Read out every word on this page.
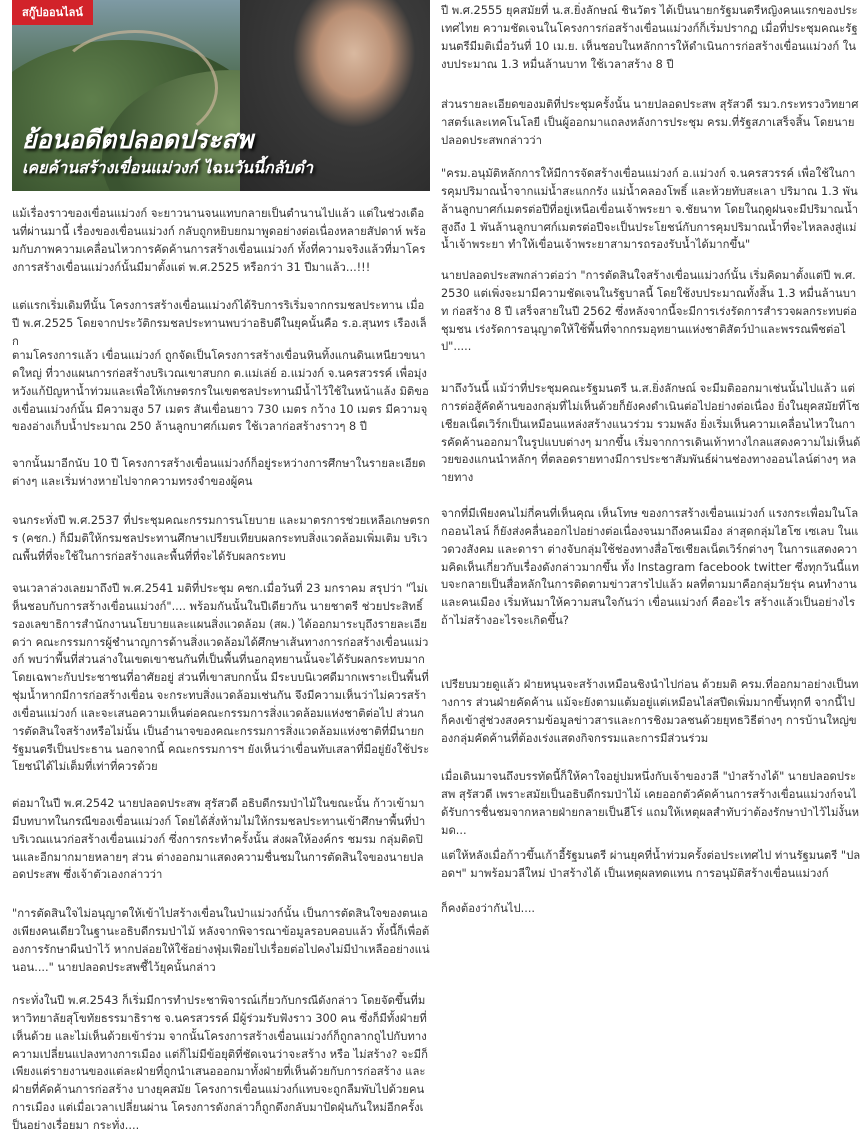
สกู๊ปออนไลน์
ย้อนอดีตปลอดประสพ
เคยค้านสร้างเขื่อนแม่วงก์ ไฉนวันนี้กลับดำ

แม้เรื่องราวของเขื่อนแม่วงก์ จะยาวนานจนแทบกลายเป็นตำนานไปแล้ว แต่ในช่วงเดือนที่ผ่านมานี้ เรื่องของเขื่อนแม่วงก์ กลับถูกหยิบยกมาพูดอย่างต่อเนื่องหลายสัปดาห์ พร้อมกับภาพความเคลื่อนไหวการคัดค้านการสร้างเขื่อนแม่วงก์ ทั้งที่ความจริงแล้วที่มาโครงการสร้างเขื่อนแม่วงก์นั้นมีมาตั้งแต่ พ.ศ.2525 หรือกว่า 31 ปีมาแล้ว...!!!

แต่แรกเริ่มเดิมทีนั้น โครงการสร้างเขื่อนแม่วงก์ได้ริบการริเริ่มจากกรมชลประทาน เมื่อปี พ.ศ.2525 โดยจากประวัติกรมชลประทานพบว่าอธิบดีในยุคนั้นคือ ร.อ.สุนทร เรืองเล็ก

ตามโครงการแล้ว เขื่อนแม่วงก์ ถูกจัดเป็นโครงการสร้างเขื่อนหินทิ้งแกนดินเหนียวขนาดใหญ่ ที่วางแผนการก่อสร้างบริเวณเขาสบกก ต.แม่เล่ย์ อ.แม่วงก์ จ.นครสวรรค์ เพื่อมุ่งหวังแก้ปัญหาน้ำท่วมและเพื่อให้เกษตรกรในเขตชลประทานมีน้ำไว้ใช้ในหน้าแล้ง มิติของเขื่อนแม่วงก์นั้น มีความสูง 57 เมตร สันเขื่อนยาว 730 เมตร กว้าง 10 เมตร มีความจุของอ่างเก็บน้ำประมาณ 250 ล้านลูกบาศก์เมตร ใช้เวลาก่อสร้างราวๆ 8 ปี

จากนั้นมาอีกนับ 10 ปี โครงการสร้างเขื่อนแม่วงก์ก็อยู่ระหว่างการศึกษาในรายละเอียดต่างๆ และเริ่มห่างหายไปจากความทรงจำของผู้คน

จนกระทั่งปี พ.ศ.2537 ที่ประชุมคณะกรรมการนโยบาย และมาตรการช่วยเหลือเกษตรกร (คชก.) ก็มีมติให้กรมชลประทานศึกษาเปรียบเทียบผลกระทบสิ่งแวดล้อมเพิ่มเติม บริเวณพื้นที่ที่จะใช้ในการก่อสร้างและพื้นที่ที่จะได้รับผลกระทบ

จนเวลาล่วงเลยมาถึงปี พ.ศ.2541 มติที่ประชุม คชก.เมื่อวันที่ 23 มกราคม สรุปว่า "ไม่เห็นชอบกับการสร้างเขื่อนแม่วงก์".... พร้อมกันนั้นในปีเดียวกัน นายชาตรี ช่วยประสิทธิ์ รองเลขาธิการสำนักงานนโยบายและแผนสิ่งแวดล้อม (สผ.) ได้ออกมาระบุถึงรายละเอียดว่า คณะกรรมการผู้ชำนาญการด้านสิ่งแวดล้อมได้ศึกษาเส้นทางการก่อสร้างเขื่อนแม่วงก์ พบว่าพื้นที่ส่วนล่างในเขตเขาชนกันที่เป็นพื้นที่นอกอุทยานนั้นจะได้รับผลกระทบมากโดยเฉพาะกับประชาชนที่อาศัยอยู่ ส่วนที่เขาสบกกนั้น มีระบบนิเวศดีมากเพราะเป็นพื้นที่ชุ่มน้ำหากมีการก่อสร้างเขื่อน จะกระทบสิ่งแวดล้อมเช่นกัน จึงมีความเห็นว่าไม่ควรสร้างเขื่อนแม่วงก์ และจะเสนอความเห็นต่อคณะกรรมการสิ่งแวดล้อมแห่งชาติต่อไป ส่วนการตัดสินใจสร้างหรือไม่นั้น เป็นอำนาจของคณะกรรมการสิ่งแวดล้อมแห่งชาติที่มีนายกรัฐมนตรีเป็นประธาน นอกจากนี้ คณะกรรมการฯ ยังเห็นว่าเขื่อนทับเสลาที่มีอยู่ยังใช้ประโยชน์ได้ไม่เต็มที่เท่าที่ควรด้วย

ต่อมาในปี พ.ศ.2542 นายปลอดประสพ สุรัสวดี อธิบดีกรมป่าไม้ในขณะนั้น ก้าวเข้ามามีบทบาทในกรณีของเขื่อนแม่วงก์ โดยได้สั่งห้ามไม่ให้กรมชลประทานเข้าศึกษาพื้นที่ป่าบริเวณแนวก่อสร้างเขื่อนแม่วงก์ ซึ่งการกระทำครั้งนั้น ส่งผลให้องค์กร ชมรม กลุ่มติดปินและอีกมากมายหลายๆ ส่วน ต่างออกมาแสดงความชื่นชมในการตัดสินใจของนายปลอดประสพ ซึ่งเจ้าตัวเองกล่าวว่า

"การตัดสินใจไม่อนุญาตให้เข้าไปสร้างเขื่อนในป่าแม่วงก์นั้น เป็นการตัดสินใจของตนเองเพียงคนเดียวในฐานะอธิบดีกรมป่าไม้ หลังจากพิจารณาข้อมูลรอบคอบแล้ว ทั้งนี้ก็เพื่อต้องการรักษาผืนป่าไว้ หากปล่อยให้ใช้อย่างฟุ่มเฟือยไปเรื่อยต่อไปคงไม่มีป่าเหลืออย่างแน่นอน...." นายปลอดประสพชี้ไว้ยุคนั้นกล่าว

กระทั่งในปี พ.ศ.2543 ก็เริ่มมีการทำประชาพิจารณ์เกี่ยวกับกรณีดังกล่าว โดยจัดขึ้นที่มหาวิทยาลัยสุโขทัยธรรมาธิราช จ.นครสวรรค์ มีผู้ร่วมรับฟังราว 300 คน ซึ่งก็มีทั้งฝ่ายที่เห็นด้วย และไม่เห็นด้วยเข้าร่วม จากนั้นโครงการสร้างเขื่อนแม่วงก์ก็ถูกลากถูไปกับทางความเปลี่ยนแปลงทางการเมือง แต่ก็ไม่มีข้อยุติที่ชัดเจนว่าจะสร้าง หรือ ไม่สร้าง? จะมีก็เพียงแต่รายงานของแต่ละฝ่ายที่ถูกนำเสนอออกมาทั้งฝ่ายที่เห็นด้วยกับการก่อสร้าง และฝ่ายที่คัดค้านการก่อสร้าง บางยุคสมัย โครงการเขื่อนแม่วงก์แทบจะถูกลืมพับไปด้วยคนการเมือง แต่เมื่อเวลาเปลี่ยนผ่าน โครงการดังกล่าวก็ถูกดึงกลับมาปัดฝุ่นกันใหม่อีกครั้งเป็นอย่างเรื่อยมา กระทั่ง....

ปี พ.ศ.2555 ยุคสมัยที่ น.ส.ยิ่งลักษณ์ ชินวัตร ได้เป็นนายกรัฐมนตรีหญิงคนแรกของประเทศไทย ความชัดเจนในโครงการก่อสร้างเขื่อนแม่วงก์ก็เริ่มปรากฏ เมื่อที่ประชุมคณะรัฐมนตรีมีมติเมื่อวันที่ 10 เม.ย. เห็นชอบในหลักการให้ดำเนินการก่อสร้างเขื่อนแม่วงก์ ในงบประมาณ 1.3 หมื่นล้านบาท ใช้เวลาสร้าง 8 ปี

ส่วนรายละเอียดของมติที่ประชุมครั้งนั้น นายปลอดประสพ สุรัสวดี รมว.กระทรวงวิทยาศาสตร์และเทคโนโลยี เป็นผู้ออกมาแถลงหลังการประชุม ครม.ที่รัฐสภาเสร็จสิ้น โดยนายปลอดประสพกล่าวว่า

"ครม.อนุมัติหลักการให้มีการจัดสร้างเขื่อนแม่วงก์ อ.แม่วงก์ จ.นครสวรรค์ เพื่อใช้ในการคุมปริมาณน้ำจากแม่น้ำสะแกกรัง แม่น้ำคลองโพธิ์ และห้วยทับสะเลา ปริมาณ 1.3 พันล้านลูกบาศก์เมตรต่อปีที่อยู่เหนือเขื่อนเจ้าพระยา จ.ชัยนาท โดยในฤดูฝนจะมีปริมาณน้ำสูงถึง 1 พันล้านลูกบาศก์เมตรต่อปีจะเป็นประโยชน์กับการคุมปริมาณน้ำที่จะไหลลงสู่แม่น้ำเจ้าพระยา ทำให้เขื่อนเจ้าพระยาสามารถรองรับน้ำได้มากขึ้น"

นายปลอดประสพกล่าวต่อว่า "การตัดสินใจสร้างเขื่อนแม่วงก์นั้น เริ่มคิดมาตั้งแต่ปี พ.ศ.2530 แต่เพิ่งจะมามีความชัดเจนในรัฐบาลนี้ โดยใช้งบประมาณทั้งสิ้น 1.3 หมื่นล้านบาท ก่อสร้าง 8 ปี เสร็จสายในปี 2562 ซึ่งหลังจากนี้จะมีการเร่งรัดการสำรวจผลกระทบต่อชุมชน เร่งรัดการอนุญาตให้ใช้พื้นที่จากกรมอุทยานแห่งชาติสัตว์ป่าและพรรณพืชต่อไป".....

มาถึงวันนี้ แม้ว่าที่ประชุมคณะรัฐมนตรี น.ส.ยิ่งลักษณ์ จะมีมติออกมาเช่นนั้นไปแล้ว แต่การต่อสู้คัดค้านของกลุ่มที่ไม่เห็นด้วยก็ยังคงดำเนินต่อไปอย่างต่อเนื่อง ยิ่งในยุคสมัยที่โซเชียลเน็ตเวิร์กเป็นเหมือนแหล่งสร้างแนวร่วม รวมพลัง ยิ่งเริ่มเห็นความเคลื่อนไหวในการคัดค้านออกมาในรูปแบบต่างๆ มากขึ้น เริ่มจากการเดินเท้าทางไกลแสดงความไม่เห็นด้วยของแกนนำหลักๆ ที่ตลอดรายทางมีการประชาสัมพันธ์ผ่านช่องทางออนไลน์ต่างๆ หลายทาง

จากที่มีเพียงคนไม่กี่คนที่เห็นคุณ เห็นโทษ ของการสร้างเขื่อนแม่วงก์ แรงกระเพื่อมในโลกออนไลน์ ก็ยังส่งคลื่นออกไปอย่างต่อเนื่องจนมาถึงคนเมือง ล่าสุดกลุ่มไฮโซ เซเลบ ในแวดวงสังคม และดารา ต่างจับกลุ่มใช้ช่องทางสื่อโซเชียลเน็ตเวิร์กต่างๆ ในการแสดงความคิดเห็นเกี่ยวกับเรื่องดังกล่าวมากขึ้น ทั้ง Instagram facebook twitter ซึ่งทุกวันนี้แทบจะกลายเป็นสื่อหลักในการติดตามข่าวสารไปแล้ว ผลที่ตามมาคือกลุ่มวัยรุ่น คนทำงาน และคนเมือง เริ่มหันมาให้ความสนใจกันว่า เขื่อนแม่วงก์ คืออะไร สร้างแล้วเป็นอย่างไร ถ้าไม่สร้างอะไรจะเกิดขึ้น?

เปรียบมวยดูแล้ว ฝ่ายหนุนจะสร้างเหมือนชิงนำไปก่อน ด้วยมติ ครม.ที่ออกมาอย่างเป็นทางการ ส่วนฝ่ายคัดค้าน แม้จะยังตามแต้มอยู่แต่เหมือนไล่สปีดเพิ่มมากขึ้นทุกที จากนี้ไปก็คงเข้าสู่ช่วงสงครามข้อมูลข่าวสารและการชิงมวลชนด้วยยุทธวิธีต่างๆ การบ้านใหญ่ของกลุ่มคัดค้านที่ต้องเร่งแสดงกิจกรรมและการมีส่วนร่วม

เมื่อเดินมาจนถึงบรรทัดนี้ก็ให้คาใจอยู่ปมหนึ่งกับเจ้าของวลี "ป่าสร้างได้" นายปลอดประสพ สุรัสวดี เพราะสมัยเป็นอธิบดีกรมป่าไม้ เคยออกตัวคัดค้านการสร้างเขื่อนแม่วงก์จนได้รับการชื่นชมจากหลายฝ่ายกลายเป็นฮีโร่ แถมให้เหตุผลสำทับว่าต้องรักษาป่าไว้ไม่งั้นหมด...

แต่ให้หลังเมื่อก้าวขึ้นเก้าอี้รัฐมนตรี ผ่านยุคที่น้ำท่วมครั้งต่อประเทศไป ท่านรัฐมนตรี "ปลอดฯ" มาพร้อมวลีใหม่ ป่าสร้างได้ เป็นเหตุผลทดแทน การอนุมัติสร้างเขื่อนแม่วงก์

ก็คงต้องว่ากันไป....
